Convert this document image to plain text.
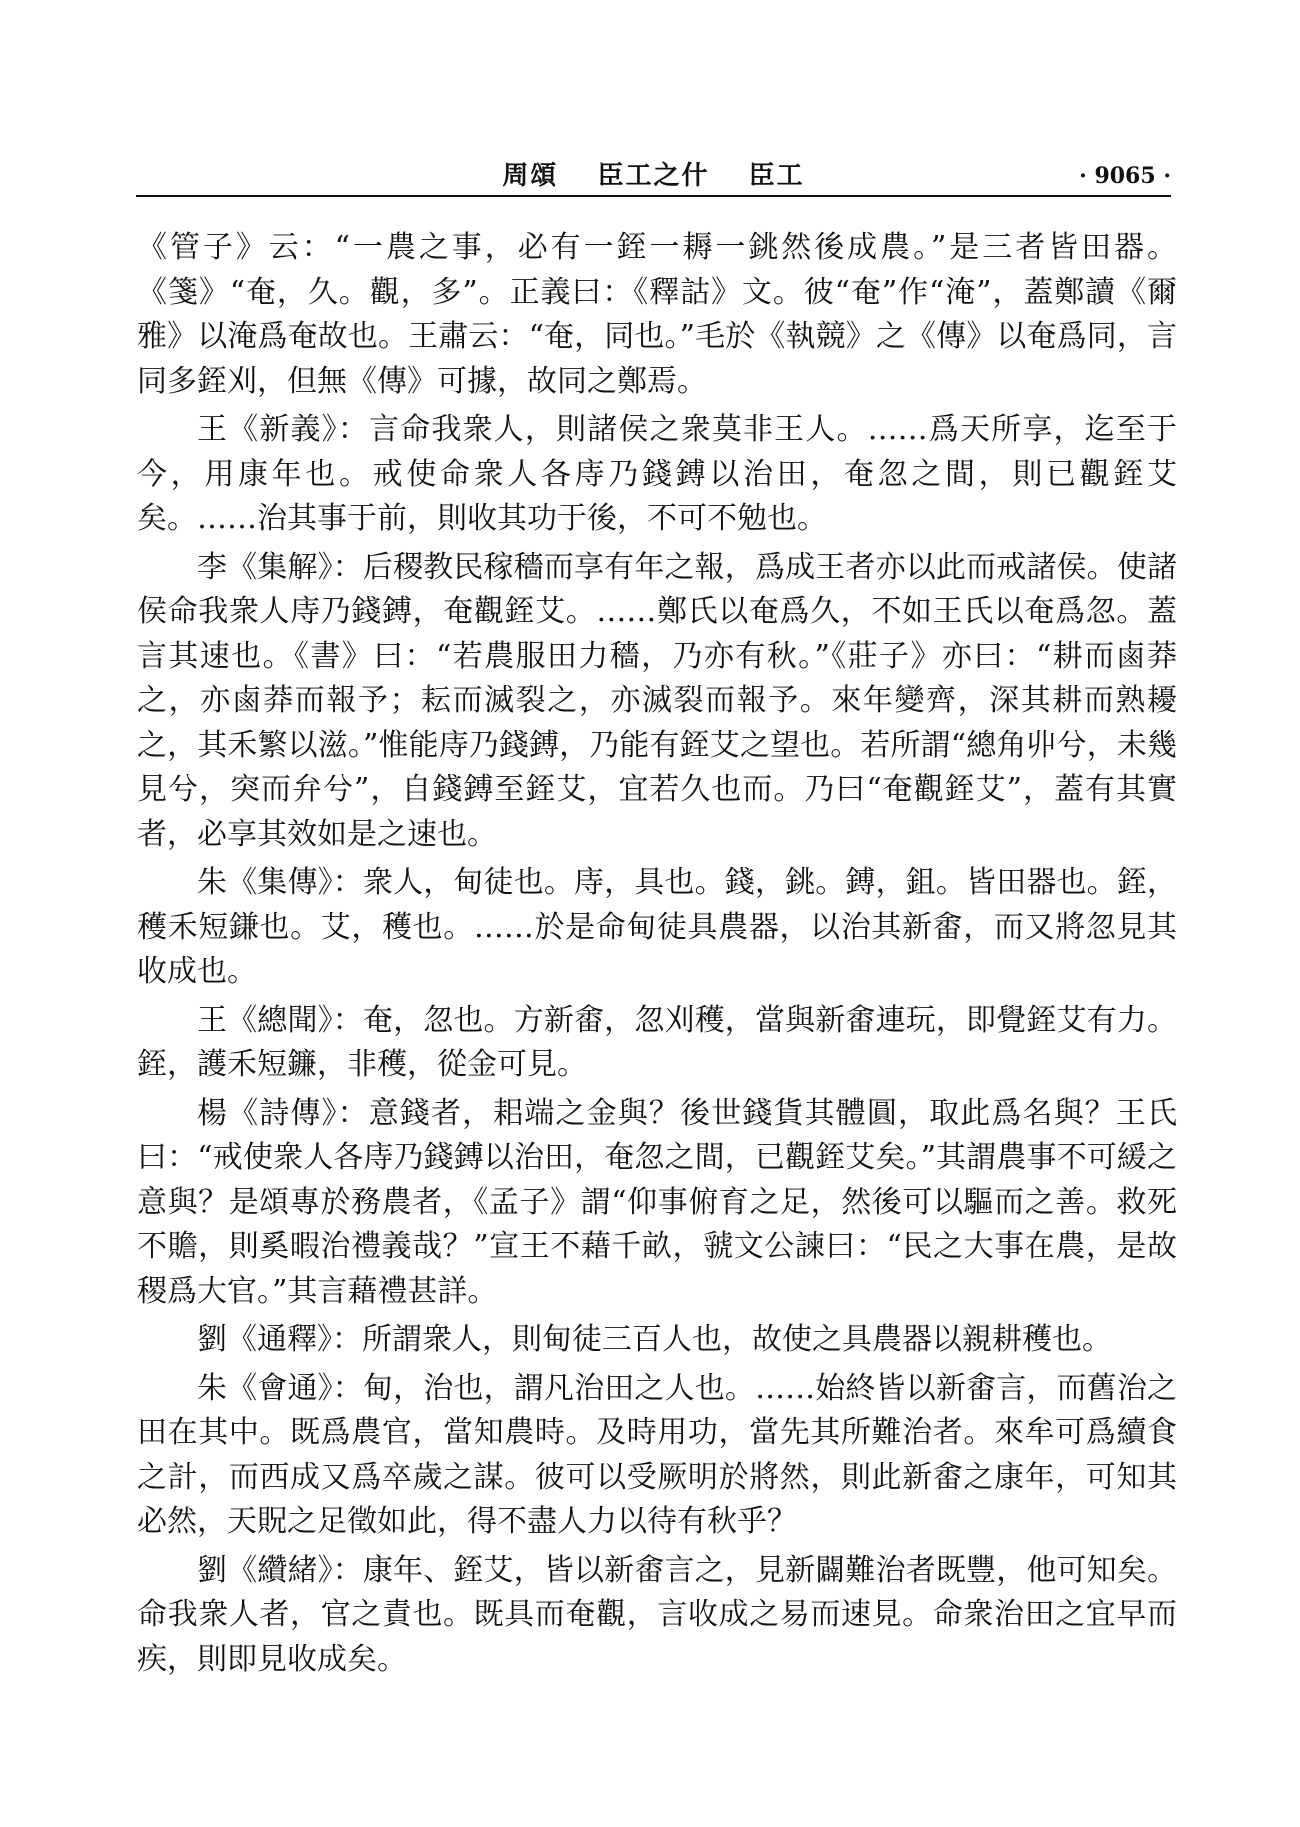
周頌 臣工之什 臣工	· 9065 ·

《管子》云：“一農之事，必有一銍一耨一銚然後成農。”是三者皆田器。《箋》“奄，久。觀，多”。正義曰：《釋詁》文。彼“奄”作“淹”，蓋鄭讀《爾雅》以淹爲奄故也。王肅云：“奄，同也。”毛於《執競》之《傳》以奄爲同，言同多銍刈，但無《傳》可據，故同之鄭焉。

王《新義》：言命我衆人，則諸侯之衆莫非王人。……爲天所享，迄至于今，用康年也。戒使命衆人各庤乃錢鎛以治田，奄忽之間，則已觀銍艾矣。……治其事于前，則收其功于後，不可不勉也。

李《集解》：后稷教民稼穡而享有年之報，爲成王者亦以此而戒諸侯。使諸侯命我衆人庤乃錢鎛，奄觀銍艾。……鄭氏以奄爲久，不如王氏以奄爲忽。蓋言其速也。《書》曰：“若農服田力穡，乃亦有秋。”《莊子》亦曰：“耕而鹵莽之，亦鹵莽而報予；耘而滅裂之，亦滅裂而報予。來年變齊，深其耕而熟耰之，其禾繁以滋。”惟能庤乃錢鎛，乃能有銍艾之望也。若所謂“總角丱兮，未幾見兮，突而弁兮”，自錢鎛至銍艾，宜若久也而。乃曰“奄觀銍艾”，蓋有其實者，必享其效如是之速也。

朱《集傳》：衆人，甸徒也。庤，具也。錢，銚。鎛，鉏。皆田器也。銍，穫禾短鎌也。艾，穫也。……於是命甸徒具農器，以治其新畬，而又將忽見其收成也。

王《總聞》：奄，忽也。方新畬，忽刈穫，當與新畬連玩，即覺銍艾有力。銍，護禾短鐮，非穫，從金可見。

楊《詩傳》：意錢者，耜端之金與？後世錢貨其體圓，取此爲名與？王氏曰：“戒使衆人各庤乃錢鎛以治田，奄忽之間，已觀銍艾矣。”其謂農事不可緩之意與？是頌專於務農者，《孟子》謂“仰事俯育之足，然後可以驅而之善。救死不贍，則奚暇治禮義哉？”宣王不藉千畝，虢文公諫曰：“民之大事在農，是故稷爲大官。”其言藉禮甚詳。

劉《通釋》：所謂衆人，則甸徒三百人也，故使之具農器以親耕穫也。

朱《會通》：甸，治也，謂凡治田之人也。……始終皆以新畬言，而舊治之田在其中。既爲農官，當知農時。及時用功，當先其所難治者。來牟可爲續食之計，而西成又爲卒歲之謀。彼可以受厥明於將然，則此新畬之康年，可知其必然，天貺之足徵如此，得不盡人力以待有秋乎？

劉《纘緒》：康年、銍艾，皆以新畬言之，見新闢難治者既豐，他可知矣。命我衆人者，官之責也。既具而奄觀，言收成之易而速見。命衆治田之宜早而疾，則即見收成矣。
